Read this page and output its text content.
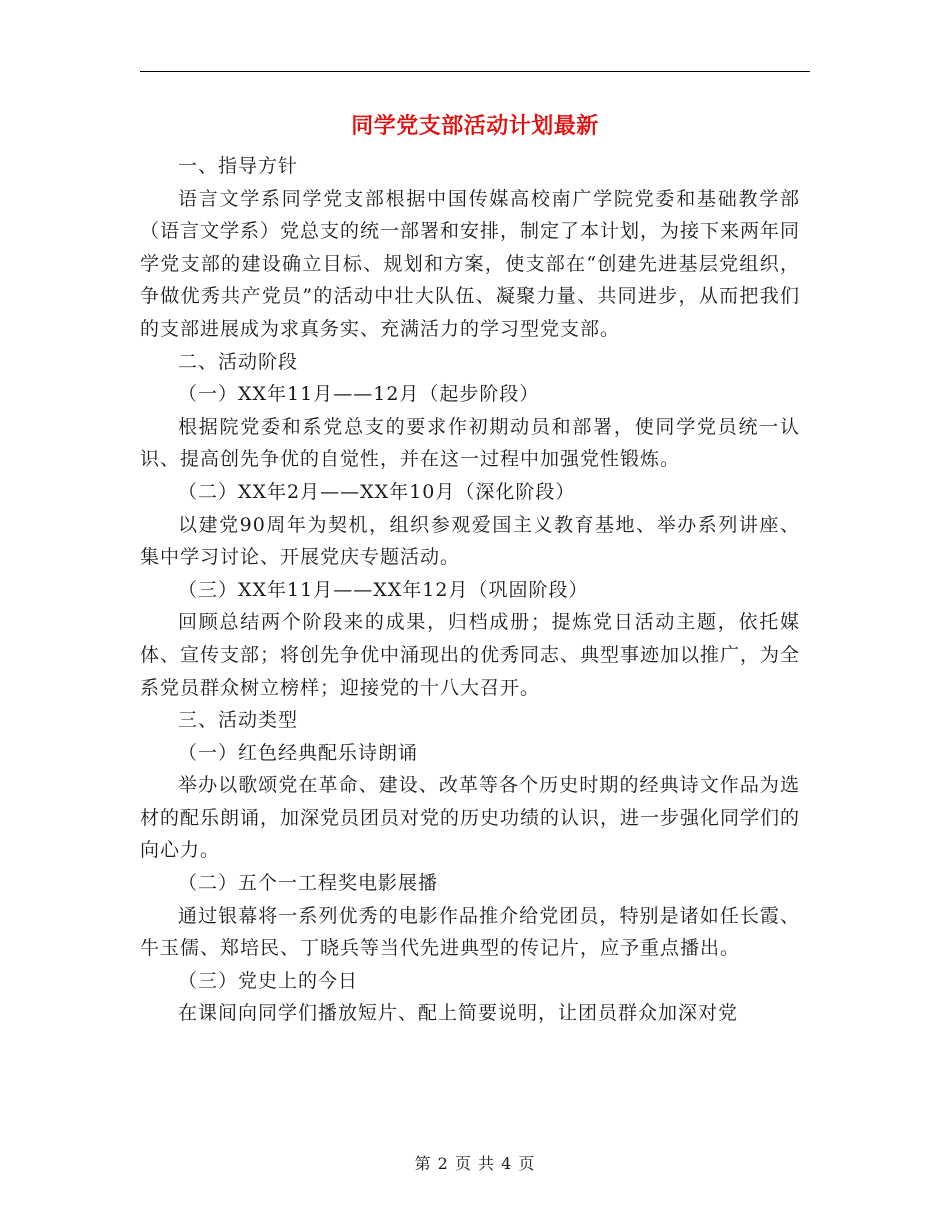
同学党支部活动计划最新

一、指导方针

语言文学系同学党支部根据中国传媒高校南广学院党委和基础教学部（语言文学系）党总支的统一部署和安排，制定了本计划，为接下来两年同学党支部的建设确立目标、规划和方案，使支部在“创建先进基层党组织，争做优秀共产党员”的活动中壮大队伍、凝聚力量、共同进步，从而把我们的支部进展成为求真务实、充满活力的学习型党支部。

二、活动阶段

（一）XX年11月——12月（起步阶段）

根据院党委和系党总支的要求作初期动员和部署，使同学党员统一认识、提高创先争优的自觉性，并在这一过程中加强党性锻炼。

（二）XX年2月——XX年10月（深化阶段）

以建党90周年为契机，组织参观爱国主义教育基地、举办系列讲座、集中学习讨论、开展党庆专题活动。

（三）XX年11月——XX年12月（巩固阶段）

回顾总结两个阶段来的成果，归档成册；提炼党日活动主题，依托媒体、宣传支部；将创先争优中涌现出的优秀同志、典型事迹加以推广，为全系党员群众树立榜样；迎接党的十八大召开。

三、活动类型

（一）红色经典配乐诗朗诵

举办以歌颂党在革命、建设、改革等各个历史时期的经典诗文作品为选材的配乐朗诵，加深党员团员对党的历史功绩的认识，进一步强化同学们的向心力。

（二）五个一工程奖电影展播

通过银幕将一系列优秀的电影作品推介给党团员，特别是诸如任长霞、牛玉儒、郑培民、丁晓兵等当代先进典型的传记片，应予重点播出。

（三）党史上的今日

在课间向同学们播放短片、配上简要说明，让团员群众加深对党

第 2 页 共 4 页
